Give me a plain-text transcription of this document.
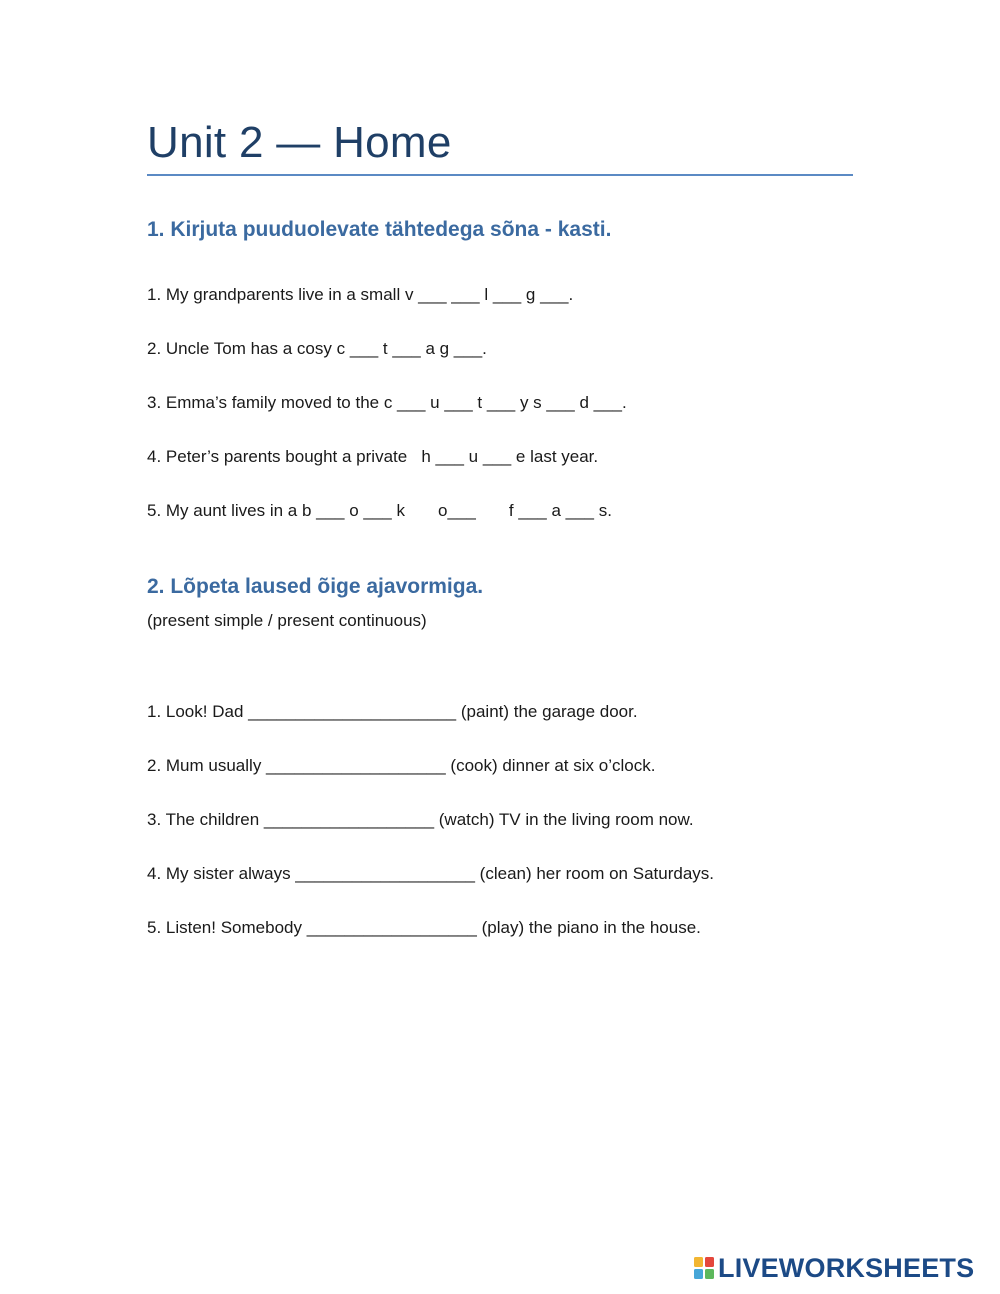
Unit 2 — Home
1. Kirjuta puuduolevate tähtedega sõna - kasti.
1. My grandparents live in a small v ___ ___ l ___ g ___.
2. Uncle Tom has a cosy c ___ t ___ a g ___.
3. Emma’s family moved to the c ___ u ___ t ___ y s ___ d ___.
4. Peter’s parents bought a private   h ___ u ___ e last year.
5. My aunt lives in a b ___ o ___ k       o___       f ___ a ___ s.
2. Lõpeta laused õige ajavormiga.
(present simple / present continuous)
1. Look! Dad ______________________ (paint) the garage door.
2. Mum usually ___________________ (cook) dinner at six o’clock.
3. The children __________________ (watch) TV in the living room now.
4. My sister always ___________________ (clean) her room on Saturdays.
5. Listen! Somebody __________________ (play) the piano in the house.
LIVEWORKSHEETS
